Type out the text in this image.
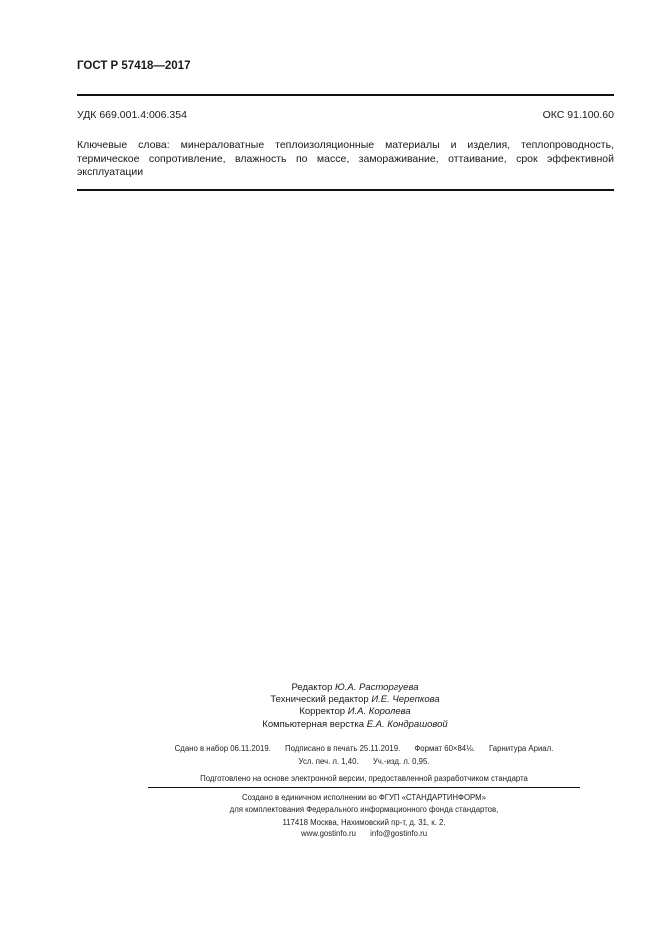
ГОСТ Р 57418—2017
УДК 669.001.4:006.354	ОКС 91.100.60
Ключевые слова: минераловатные теплоизоляционные материалы и изделия, теплопроводность, термическое сопротивление, влажность по массе, замораживание, оттаивание, срок эффективной эксплуатации
Редактор Ю.А. Расторгуева
Технический редактор И.Е. Черепкова
Корректор И.А. Королева
Компьютерная верстка Е.А. Кондрашовой
Сдано в набор 06.11.2019. Подписано в печать 25.11.2019. Формат 60×84⅛. Гарнитура Ариал.
Усл. печ. л. 1,40. Уч.-изд. л. 0,95.
Подготовлено на основе электронной версии, предоставленной разработчиком стандарта
Создано в единичном исполнении во ФГУП «СТАНДАРТИНФОРМ»
для комплектования Федерального информационного фонда стандартов,
117418 Москва, Нахимовский пр-т, д. 31, к. 2.
www.gostinfo.ru info@gostinfo.ru
